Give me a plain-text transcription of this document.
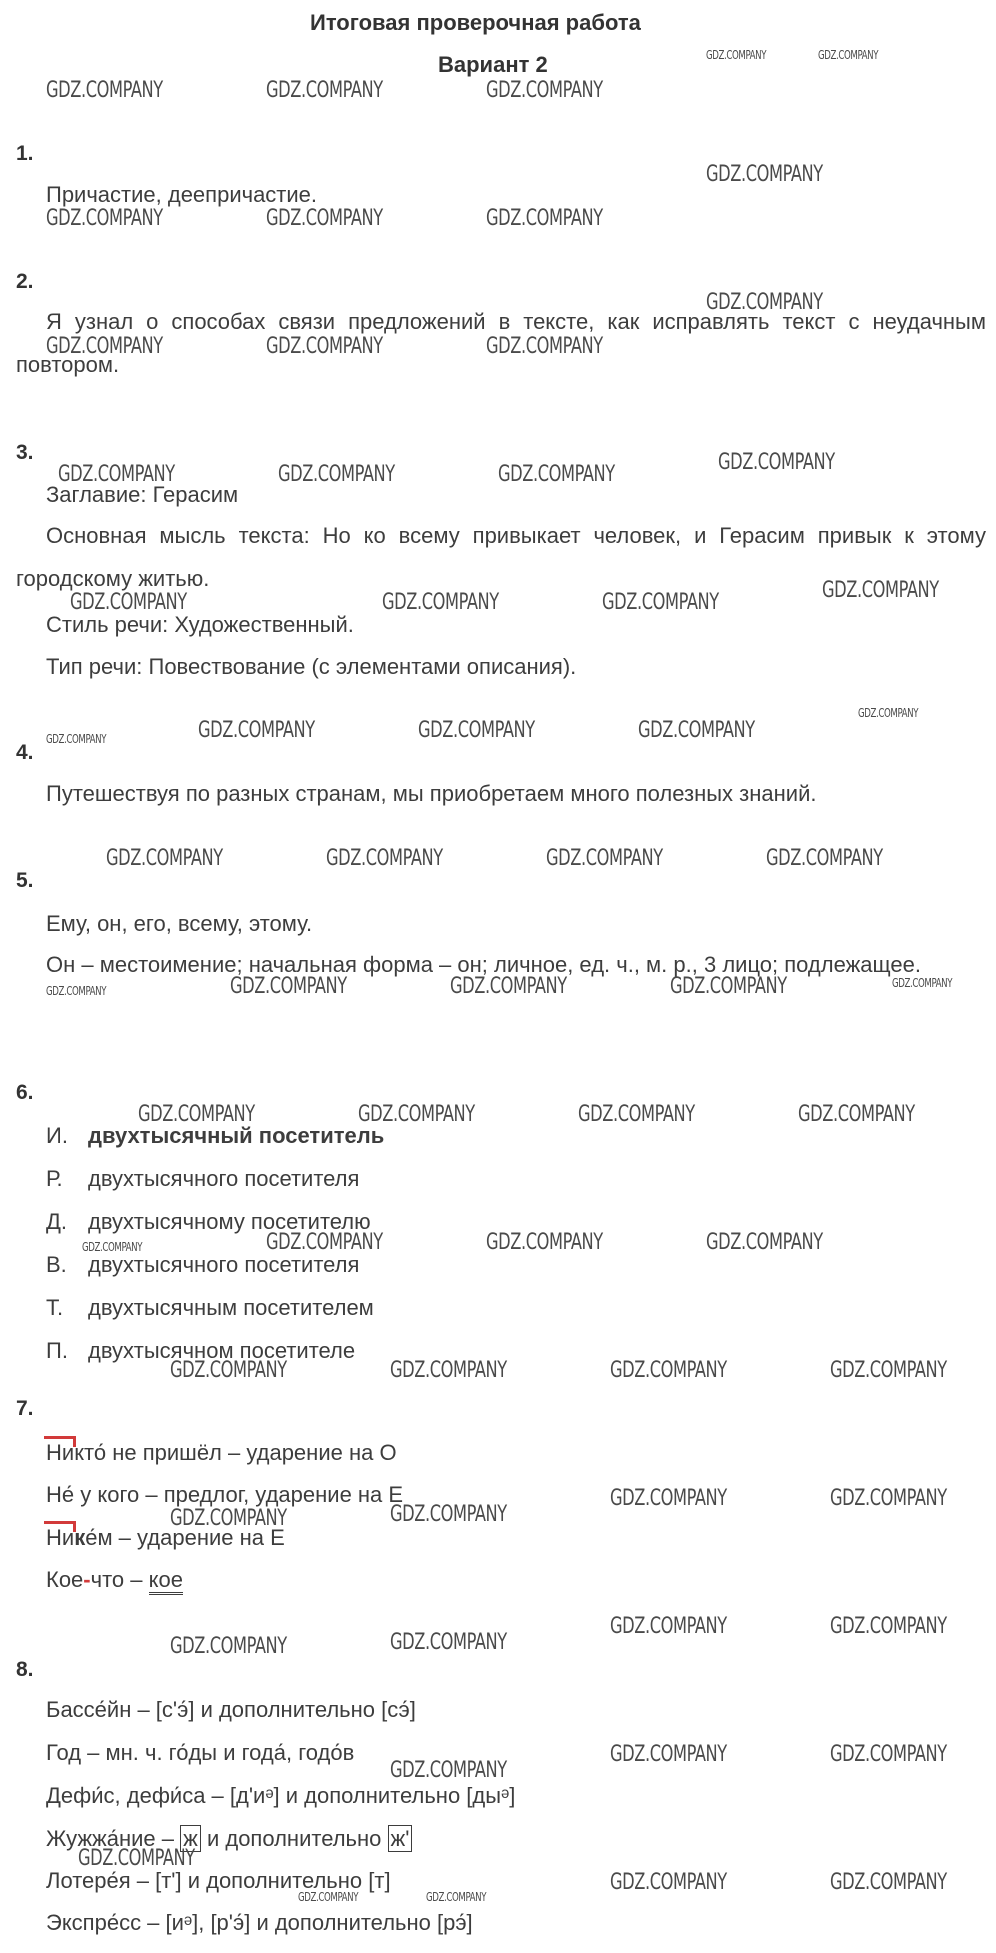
Итоговая проверочная работа
Вариант 2
1.
Причастие, деепричастие.
2.
Я узнал о способах связи предложений в тексте, как исправлять текст с неудачным повтором.
3.
Заглавие: Герасим
Основная мысль текста: Но ко всему привыкает человек, и Герасим привык к этому городскому житью.
Стиль речи: Художественный.
Тип речи: Повествование (с элементами описания).
4.
Путешествуя по разных странам, мы приобретаем много полезных знаний.
5.
Ему, он, его, всему, этому.
Он – местоимение; начальная форма – он; личное, ед. ч., м. р., 3 лицо; подлежащее.
6.
И. двухтысячный посетитель
Р. двухтысячного посетителя
Д. двухтысячному посетителю
В. двухтысячного посетителя
Т. двухтысячным посетителем
П. двухтысячном посетителе
7.
Никто́ не пришёл – ударение на О
Не́ у кого – предлог, ударение на Е
Нике́м – ударение на Е
Кое-что – кое
8.
Бассе́йн – [с'э́] и дополнительно [сэ́]
Год – мн. ч. го́ды и года́, годо́в
Дефи́с, дефи́са – [д'иᵊ] и дополнительно [дыᵊ]
Жужжа́ние – ж и дополнительно ж'
Лотере́я – [т'] и дополнительно [т]
Экспре́сс – [иᵊ], [р'э́] и дополнительно [рэ́]
GDZ.COMPANY	GDZ.COMPANY
GDZ.COMPANY	GDZ.COMPANY	GDZ.COMPANY
GDZ.COMPANY
GDZ.COMPANY	GDZ.COMPANY	GDZ.COMPANY
GDZ.COMPANY
GDZ.COMPANY	GDZ.COMPANY	GDZ.COMPANY
GDZ.COMPANY
GDZ.COMPANY	GDZ.COMPANY	GDZ.COMPANY
GDZ.COMPANY
GDZ.COMPANY	GDZ.COMPANY	GDZ.COMPANY
GDZ.COMPANY
GDZ.COMPANY
GDZ.COMPANY	GDZ.COMPANY	GDZ.COMPANY
GDZ.COMPANY	GDZ.COMPANY	GDZ.COMPANY	GDZ.COMPANY
GDZ.COMPANY
GDZ.COMPANY
GDZ.COMPANY	GDZ.COMPANY	GDZ.COMPANY
GDZ.COMPANY	GDZ.COMPANY	GDZ.COMPANY	GDZ.COMPANY
GDZ.COMPANY	GDZ.COMPANY	GDZ.COMPANY	GDZ.COMPANY
GDZ.COMPANY	GDZ.COMPANY	GDZ.COMPANY	GDZ.COMPANY
GDZ.COMPANY	GDZ.COMPANY
GDZ.COMPANY
GDZ.COMPANY
GDZ.COMPANY	GDZ.COMPANY
GDZ.COMPANY
GDZ.COMPANY
GDZ.COMPANY	GDZ.COMPANY
GDZ.COMPANY
GDZ.COMPANY
GDZ.COMPANY	GDZ.COMPANY
GDZ.COMPANY	GDZ.COMPANY
